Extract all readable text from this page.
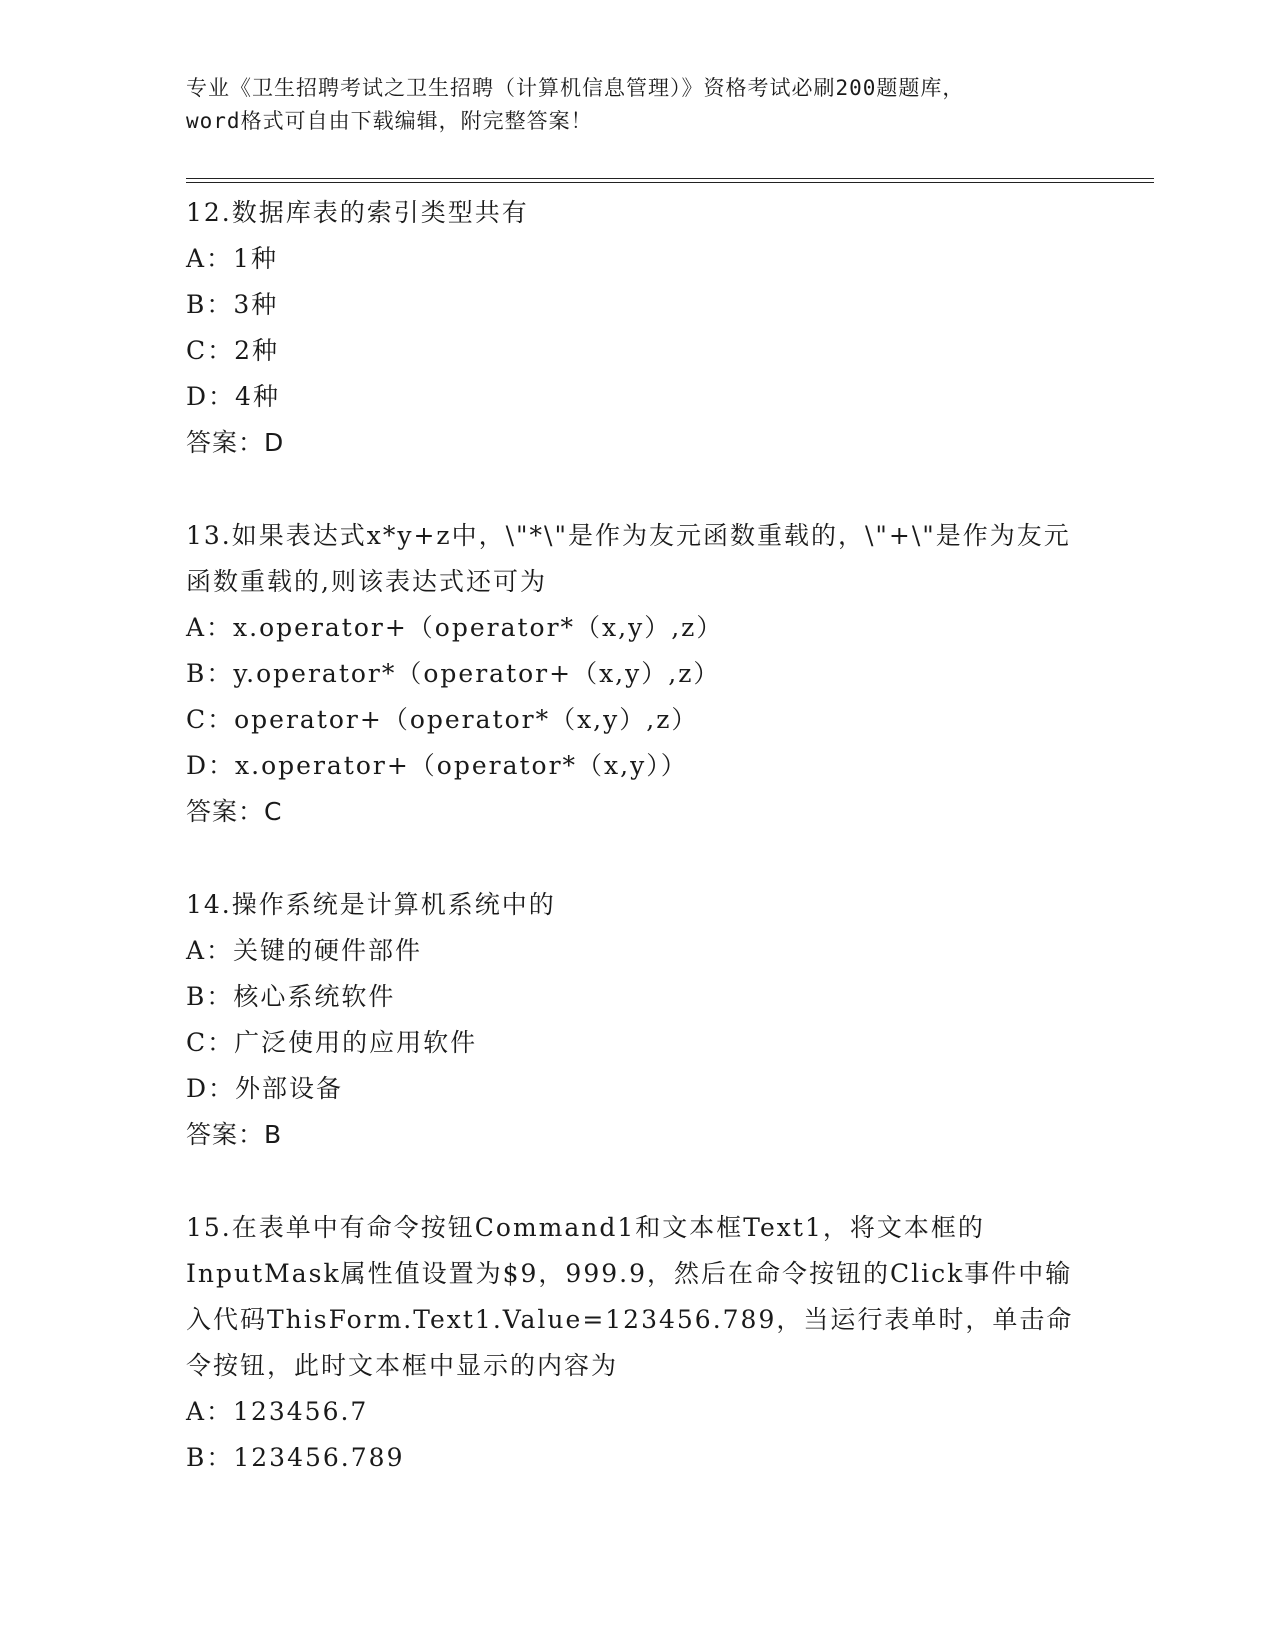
专业《卫生招聘考试之卫生招聘（计算机信息管理）》资格考试必刷200题题库，
word格式可自由下载编辑，附完整答案！
12.数据库表的索引类型共有
A：1种
B：3种
C：2种
D：4种
答案：D
13.如果表达式x*y+z中，\"*\"是作为友元函数重载的，\"+\"是作为友元函数重载的,则该表达式还可为
A：x.operator+（operator*（x,y）,z）
B：y.operator*（operator+（x,y）,z）
C：operator+（operator*（x,y）,z）
D：x.operator+（operator*（x,y））
答案：C
14.操作系统是计算机系统中的
A：关键的硬件部件
B：核心系统软件
C：广泛使用的应用软件
D：外部设备
答案：B
15.在表单中有命令按钮Command1和文本框Text1，将文本框的InputMask属性值设置为$9，999.9，然后在命令按钮的Click事件中输入代码ThisForm.Text1.Value=123456.789，当运行表单时，单击命令按钮，此时文本框中显示的内容为
A：123456.7
B：123456.789
